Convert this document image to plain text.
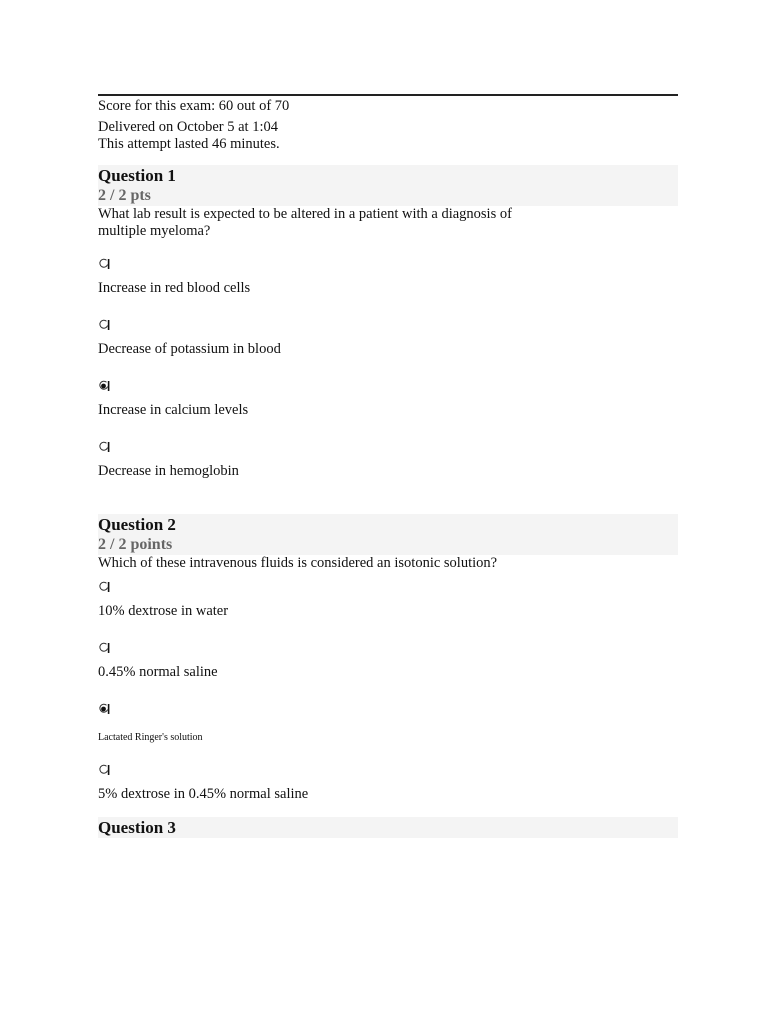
Score for this exam: 60 out of 70
Delivered on October 5 at 1:04
This attempt lasted 46 minutes.
Question 1
2 / 2 pts
What lab result is expected to be altered in a patient with a diagnosis of multiple myeloma?
Increase in red blood cells
Decrease of potassium in blood
Increase in calcium levels
Decrease in hemoglobin
Question 2
2 / 2 points
Which of these intravenous fluids is considered an isotonic solution?
10% dextrose in water
0.45% normal saline
Lactated Ringer's solution
5% dextrose in 0.45% normal saline
Question 3
